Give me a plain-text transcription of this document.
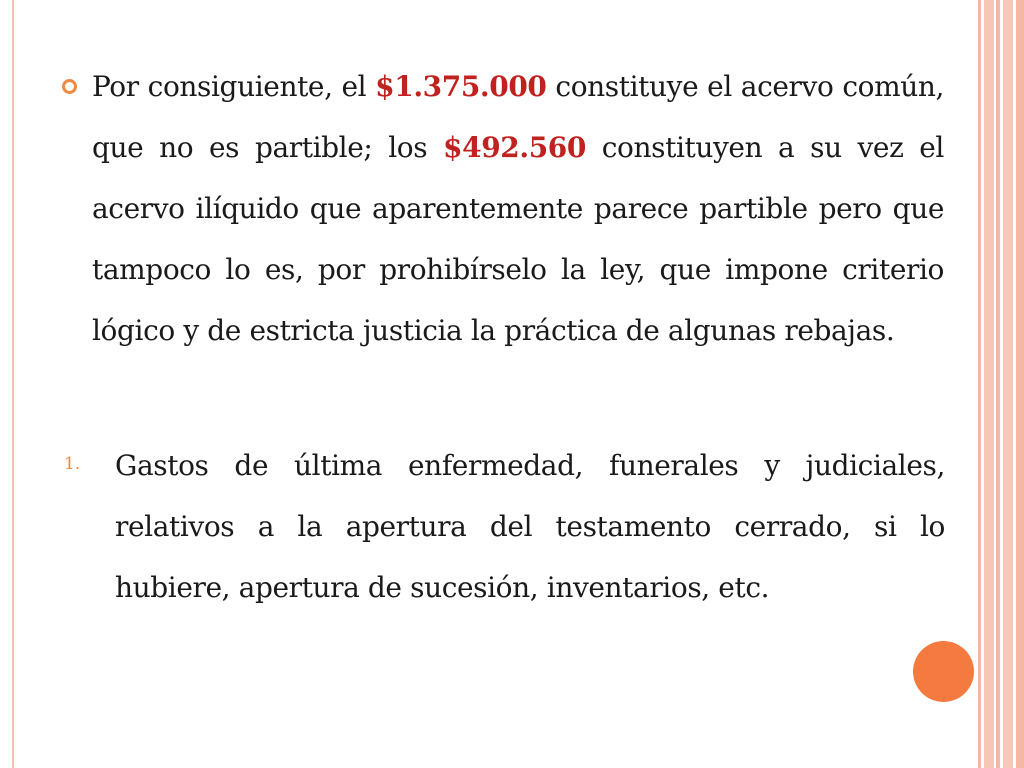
Por consiguiente, el $1.375.000 constituye el acervo común, que no es partible; los $492.560 constituyen a su vez el acervo ilíquido que aparentemente parece partible pero que tampoco lo es, por prohibírselo la ley, que impone criterio lógico y de estricta justicia la práctica de algunas rebajas.

1. Gastos de última enfermedad, funerales y judiciales, relativos a la apertura del testamento cerrado, si lo hubiere, apertura de sucesión, inventarios, etc.
